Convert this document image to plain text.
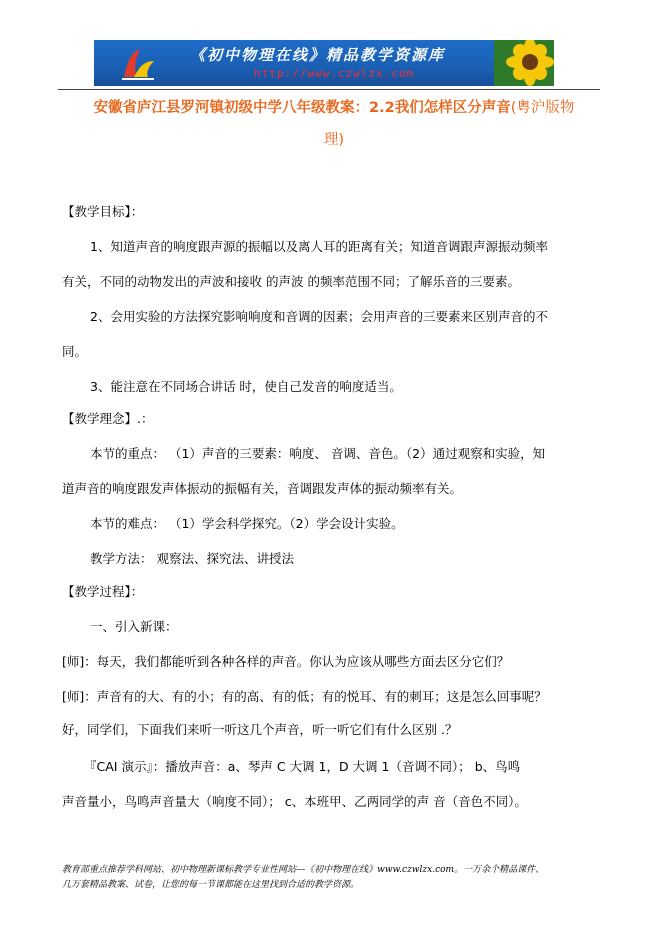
《初中物理在线》精品教学资源库
http://www.czwlzx.com
安徽省庐江县罗河镇初级中学八年级教案：2.2我们怎样区分声音(粤沪版物
理)
【教学目标】：
1、知道声音的响度跟声源的振幅以及离人耳的距离有关；知道音调跟声源振动频率
有关，不同的动物发出的声波和接收 的声波 的频率范围不同；了解乐音的三要素。
2、会用实验的方法探究影响响度和音调的因素；会用声音的三要素来区别声音的不
同。
3、能注意在不同场合讲话 时，使自己发音的响度适当。
【教学理念】.：
本节的重点： （1）声音的三要素：响度、 音调、音色。（2）通过观察和实验，知
道声音的响度跟发声体振动的振幅有关，音调跟发声体的振动频率有关。
本节的难点： （1）学会科学探究。（2）学会设计实验。
教学方法： 观察法、探究法、讲授法
【教学过程】：
一、引入新课：
[师]：每天，我们都能听到各种各样的声音。你认为应该从哪些方面去区分它们？
[师]：声音有的大、有的小；有的高、有的低；有的悦耳、有的刺耳；这是怎么回事呢？
好，同学们，下面我们来听一听这几个声音，听一听它们有什么区别 .？
『CAI 演示』：播放声音：a、琴声 C 大调 1，D 大调 1（音调不同）； b、鸟鸣
声音量小，鸟鸣声音量大（响度不同）； c、本班甲、乙两同学的声 音（音色不同）。
教育部重点推荐学科网站、初中物理新课标教学专业性网站---《初中物理在线》www.czwlzx.com。一万余个精品课件、
几万套精品教案、试卷，让您的每一节课都能在这里找到合适的教学资源。
